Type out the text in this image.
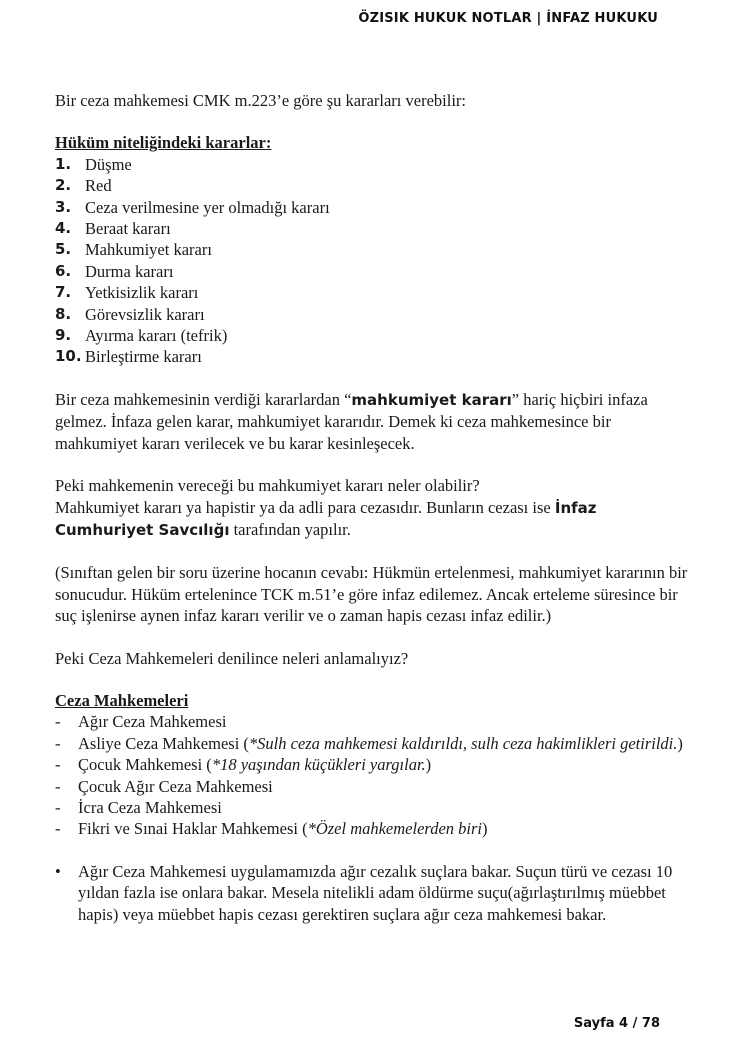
ÖZISIK HUKUK NOTLAR | İNFAZ HUKUKU

Bir ceza mahkemesi CMK m.223’e göre şu kararları verebilir:

Hüküm niteliğindeki kararlar:

1. Düşme
2. Red
3. Ceza verilmesine yer olmadığı kararı
4. Beraat kararı
5. Mahkumiyet kararı
6. Durma kararı
7. Yetkisizlik kararı
8. Görevsizlik kararı
9. Ayırma kararı (tefrik)
10. Birleştirme kararı

Bir ceza mahkemesinin verdiği kararlardan “mahkumiyet kararı” hariç hiçbiri infaza gelmez. İnfaza gelen karar, mahkumiyet kararıdır. Demek ki ceza mahkemesince bir mahkumiyet kararı verilecek ve bu karar kesinleşecek.

Peki mahkemenin vereceği bu mahkumiyet kararı neler olabilir?

Mahkumiyet kararı ya hapistir ya da adli para cezasıdır. Bunların cezası ise İnfaz Cumhuriyet Savcılığı tarafından yapılır.

(Sınıftan gelen bir soru üzerine hocanın cevabı: Hükmün ertelenmesi, mahkumiyet kararının bir sonucudur. Hüküm ertelenince TCK m.51’e göre infaz edilemez. Ancak erteleme süresince bir suç işlenirse aynen infaz kararı verilir ve o zaman hapis cezası infaz edilir.)

Peki Ceza Mahkemeleri denilince neleri anlamalıyız?

Ceza Mahkemeleri

-	Ağır Ceza Mahkemesi
-	Asliye Ceza Mahkemesi (*Sulh ceza mahkemesi kaldırıldı, sulh ceza hakimlikleri getirildi.)
-	Çocuk Mahkemesi (*18 yaşından küçükleri yargılar.)
-	Çocuk Ağır Ceza Mahkemesi
-	İcra Ceza Mahkemesi
-	Fikri ve Sınai Haklar Mahkemesi (*Özel mahkemelerden biri)
•	Ağır Ceza Mahkemesi uygulamamızda ağır cezalık suçlara bakar. Suçun türü ve cezası 10 yıldan fazla ise onlara bakar. Mesela nitelikli adam öldürme suçu(ağırlaştırılmış müebbet hapis) veya müebbet hapis cezası gerektiren suçlara ağır ceza mahkemesi bakar.
Sayfa 4 / 78
